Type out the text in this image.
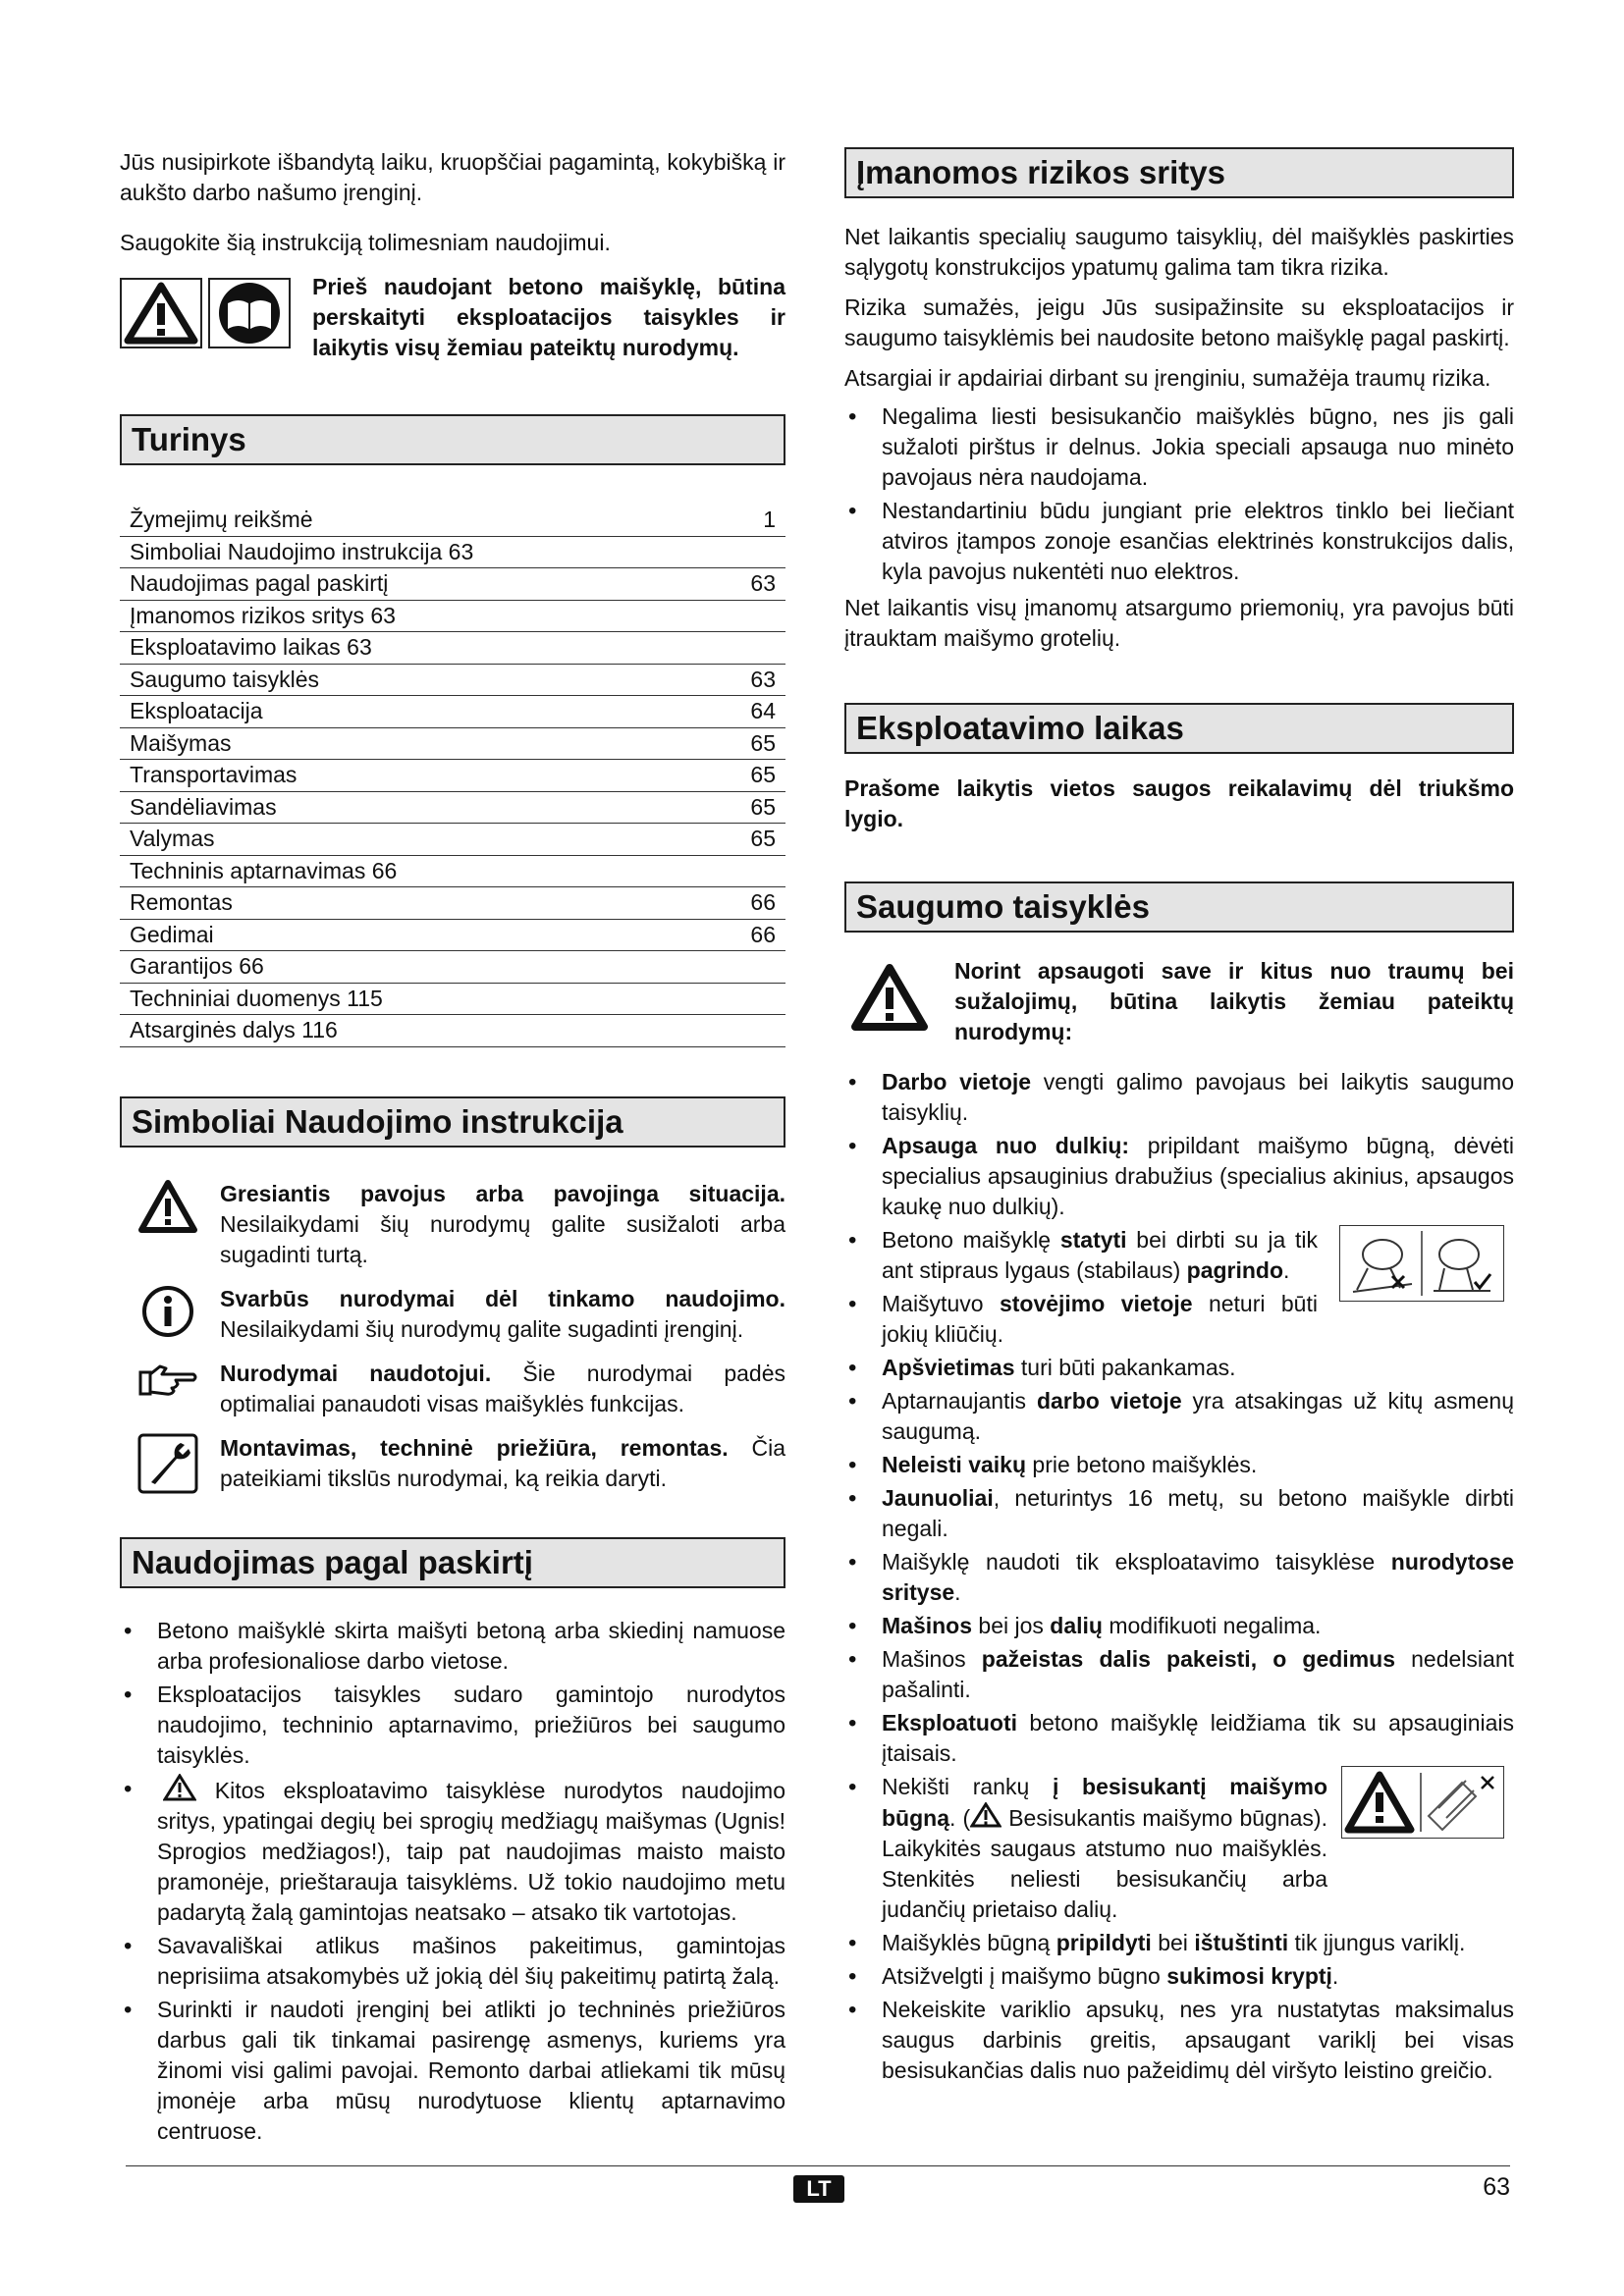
Jūs nusipirkote išbandytą laiku, kruopščiai pagamintą, kokybišką ir aukšto darbo našumo įrenginį.

Saugokite šią instrukciją tolimesniam naudojimui.

Prieš naudojant betono maišyklę, būtina perskaityti eksploatacijos taisykles ir laikytis visų žemiau pateiktų nurodymų.

Turinys
Žymejimų reikšmė	1
Simboliai Naudojimo instrukcija 63
Naudojimas pagal paskirtį	63
Įmanomos rizikos sritys 63
Eksploatavimo laikas 63
Saugumo taisyklės	63
Eksploatacija	64
Maišymas	65
Transportavimas	65
Sandėliavimas	65
Valymas	65
Techninis aptarnavimas 66
Remontas	66
Gedimai	66
Garantijos 66
Techniniai duomenys 115
Atsarginės dalys 116
Simboliai Naudojimo instrukcija

Gresiantis pavojus arba pavojinga situacija. Nesilaikydami šių nurodymų galite susižaloti arba sugadinti turtą.

Svarbūs nurodymai dėl tinkamo naudojimo. Nesilaikydami šių nurodymų galite sugadinti įrenginį.

Nurodymai naudotojui. Šie nurodymai padės optimaliai panaudoti visas maišyklės funkcijas.

Montavimas, techninė priežiūra, remontas. Čia pateikiami tikslūs nurodymai, ką reikia daryti.

Naudojimas pagal paskirtį
• Betono maišyklė skirta maišyti betoną arba skiedinį namuose arba profesionaliose darbo vietose.
• Eksploatacijos taisykles sudaro gamintojo nurodytos naudojimo, techninio aptarnavimo, priežiūros bei saugumo taisyklės.
• Kitos eksploatavimo taisyklėse nurodytos naudojimo sritys, ypatingai degių bei sprogių medžiagų maišymas (Ugnis! Sprogios medžiagos!), taip pat naudojimas maisto maisto pramonėje, prieštarauja taisyklėms. Už tokio naudojimo metu padarytą žalą gamintojas neatsako – atsako tik vartotojas.
• Savavališkai atlikus mašinos pakeitimus, gamintojas neprisiima atsakomybės už jokią dėl šių pakeitimų patirtą žalą.
• Surinkti ir naudoti įrenginį bei atlikti jo techninės priežiūros darbus gali tik tinkamai pasirengę asmenys, kuriems yra žinomi visi galimi pavojai. Remonto darbai atliekami tik mūsų įmonėje arba mūsų nurodytuose klientų aptarnavimo centruose.
Įmanomos rizikos sritys

Net laikantis specialių saugumo taisyklių, dėl maišyklės paskirties sąlygotų konstrukcijos ypatumų galima tam tikra rizika.

Rizika sumažės, jeigu Jūs susipažinsite su eksploatacijos ir saugumo taisyklėmis bei naudosite betono maišyklę pagal paskirtį.

Atsargiai ir apdairiai dirbant su įrenginiu, sumažėja traumų rizika.

• Negalima liesti besisukančio maišyklės būgno, nes jis gali sužaloti pirštus ir delnus. Jokia speciali apsauga nuo minėto pavojaus nėra naudojama.
• Nestandartiniu būdu jungiant prie elektros tinklo bei liečiant atviros įtampos zonoje esančias elektrinės konstrukcijos dalis, kyla pavojus nukentėti nuo elektros.

Net laikantis visų įmanomų atsargumo priemonių, yra pavojus būti įtrauktam maišymo grotelių.

Eksploatavimo laikas

Prašome laikytis vietos saugos reikalavimų dėl triukšmo lygio.

Saugumo taisyklės

Norint apsaugoti save ir kitus nuo traumų bei sužalojimų, būtina laikytis žemiau pateiktų nurodymų:

• Darbo vietoje vengti galimo pavojaus bei laikytis saugumo taisyklių.
• Apsauga nuo dulkių: pripildant maišymo būgną, dėvėti specialius apsauginius drabužius (specialius akinius, apsaugos kaukę nuo dulkių).
• Betono maišyklę statyti bei dirbti su ja tik ant stipraus lygaus (stabilaus) pagrindo.
• Maišytuvo stovėjimo vietoje neturi būti jokių kliūčių.
• Apšvietimas turi būti pakankamas.
• Aptarnaujantis darbo vietoje yra atsakingas už kitų asmenų saugumą.
• Neleisti vaikų prie betono maišyklės.
• Jaunuoliai, neturintys 16 metų, su betono maišykle dirbti negali.
• Maišyklę naudoti tik eksploatavimo taisyklėse nurodytose srityse.
• Mašinos bei jos dalių modifikuoti negalima.
• Mašinos pažeistas dalis pakeisti, o gedimus nedelsiant pašalinti.
• Eksploatuoti betono maišyklę leidžiama tik su apsauginiais įtaisais.
• Nekišti rankų į besisukantį maišymo būgną. ( Besisukantis maišymo būgnas). Laikykitės saugaus atstumo nuo maišyklės. Stenkitės neliesti besisukančių arba judančių prietaiso dalių.
• Maišyklės būgną pripildyti bei ištuštinti tik įjungus variklį.
• Atsižvelgti į maišymo būgno sukimosi kryptį.
• Nekeiskite variklio apsukų, nes yra nustatytas maksimalus saugus darbinis greitis, apsaugant variklį bei visas besisukančias dalis nuo pažeidimų dėl viršyto leistino greičio.
LT	63
